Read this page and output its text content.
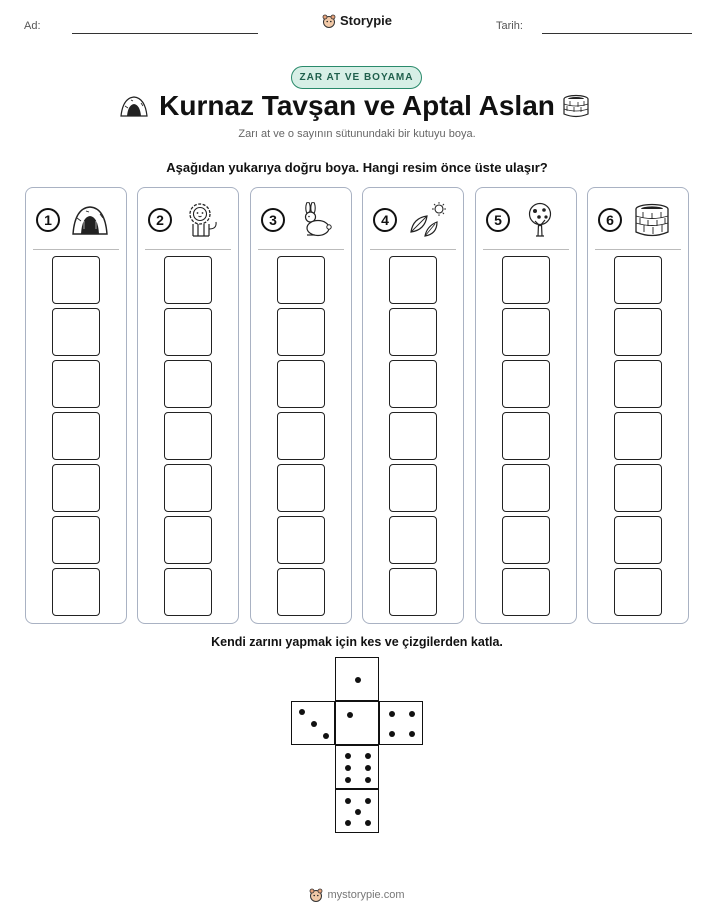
Ad:	Storypie	Tarih:
ZAR AT VE BOYAMA
Kurnaz Tavşan ve Aptal Aslan
Zarı at ve o sayının sütunundaki bir kutuyu boya.
Aşağıdan yukarıya doğru boya. Hangi resim önce üste ulaşır?
1	2	3	4	5	6
Kendi zarını yapmak için kes ve çizgilerden katla.
mystorypie.com
